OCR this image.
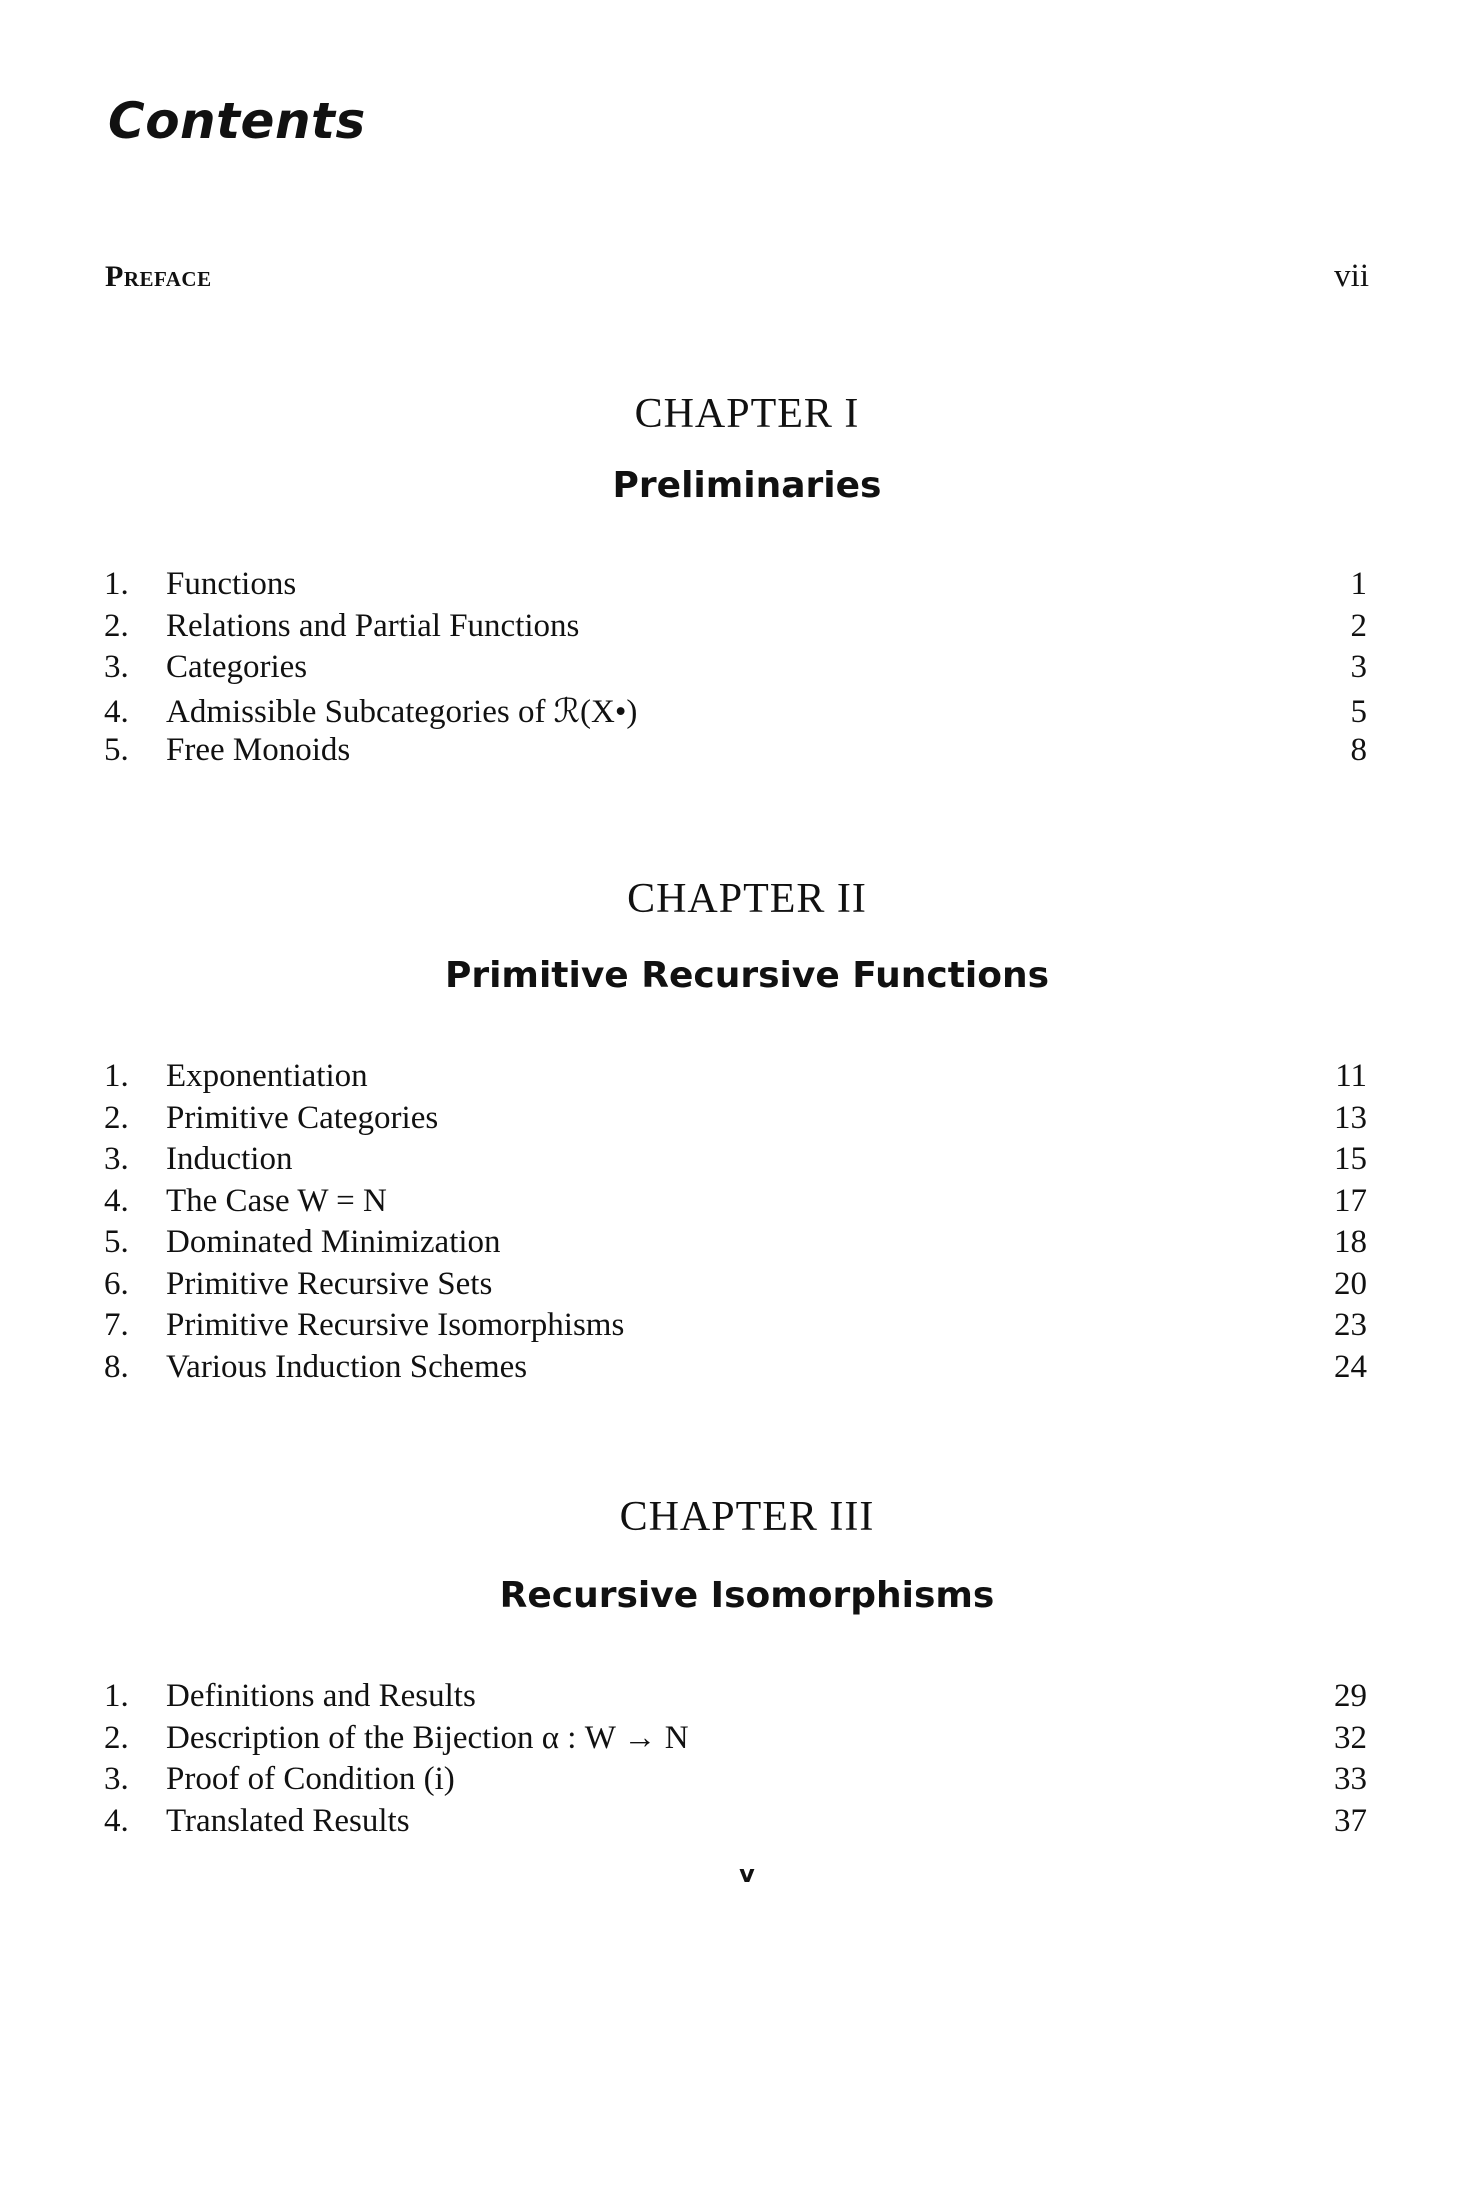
Contents
Preface	vii
CHAPTER I
Preliminaries
1.	Functions	1
2.	Relations and Partial Functions	2
3.	Categories	3
4.	Admissible Subcategories of ℛ(X•)	5
5.	Free Monoids	8
CHAPTER II
Primitive Recursive Functions
1.	Exponentiation	11
2.	Primitive Categories	13
3.	Induction	15
4.	The Case W = N	17
5.	Dominated Minimization	18
6.	Primitive Recursive Sets	20
7.	Primitive Recursive Isomorphisms	23
8.	Various Induction Schemes	24
CHAPTER III
Recursive Isomorphisms
1.	Definitions and Results	29
2.	Description of the Bijection α : W → N	32
3.	Proof of Condition (i)	33
4.	Translated Results	37
v
